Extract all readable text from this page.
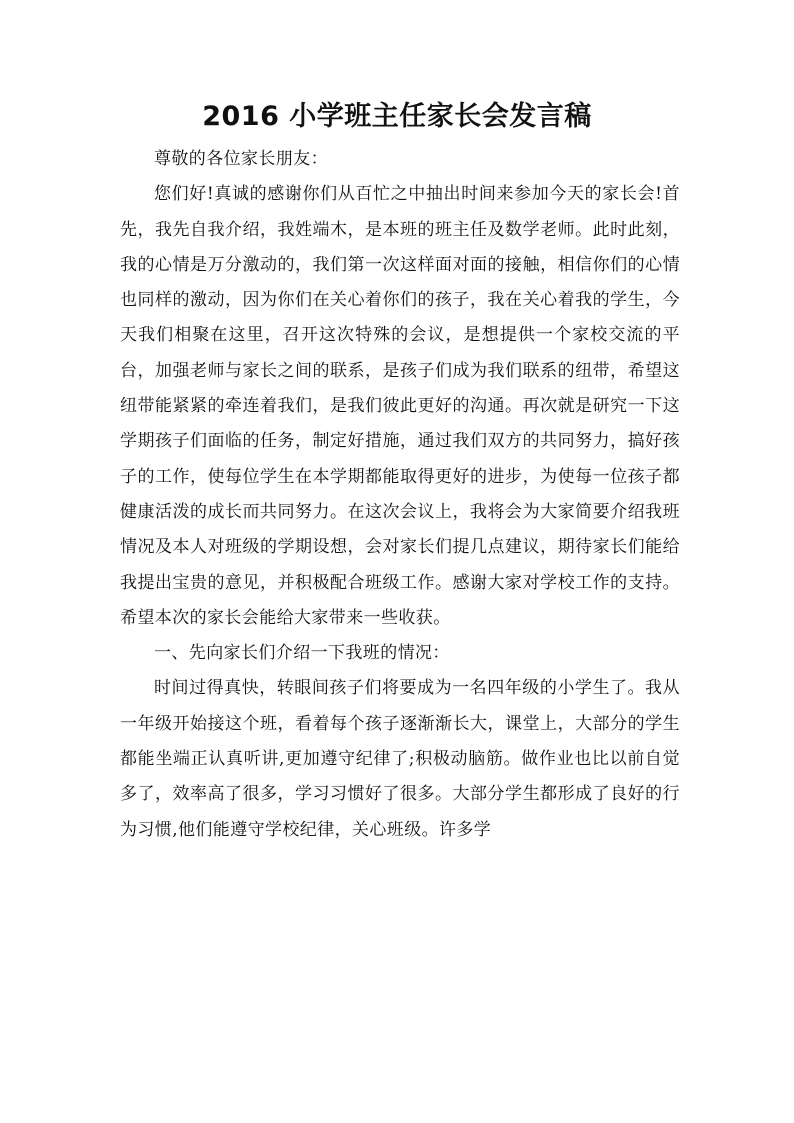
2016 小学班主任家长会发言稿

尊敬的各位家长朋友：

您们好!真诚的感谢你们从百忙之中抽出时间来参加今天的家长会!首先，我先自我介绍，我姓端木，是本班的班主任及数学老师。此时此刻，我的心情是万分激动的，我们第一次这样面对面的接触，相信你们的心情也同样的激动，因为你们在关心着你们的孩子，我在关心着我的学生，今天我们相聚在这里，召开这次特殊的会议，是想提供一个家校交流的平台，加强老师与家长之间的联系，是孩子们成为我们联系的纽带，希望这纽带能紧紧的牵连着我们，是我们彼此更好的沟通。再次就是研究一下这学期孩子们面临的任务，制定好措施，通过我们双方的共同努力，搞好孩子的工作，使每位学生在本学期都能取得更好的进步，为使每一位孩子都健康活泼的成长而共同努力。在这次会议上，我将会为大家简要介绍我班情况及本人对班级的学期设想，会对家长们提几点建议，期待家长们能给我提出宝贵的意见，并积极配合班级工作。感谢大家对学校工作的支持。希望本次的家长会能给大家带来一些收获。

一、先向家长们介绍一下我班的情况：

时间过得真快，转眼间孩子们将要成为一名四年级的小学生了。我从一年级开始接这个班，看着每个孩子逐渐渐长大，课堂上，大部分的学生都能坐端正认真听讲,更加遵守纪律了;积极动脑筋。做作业也比以前自觉多了，效率高了很多，学习习惯好了很多。大部分学生都形成了良好的行为习惯,他们能遵守学校纪律，关心班级。许多学
